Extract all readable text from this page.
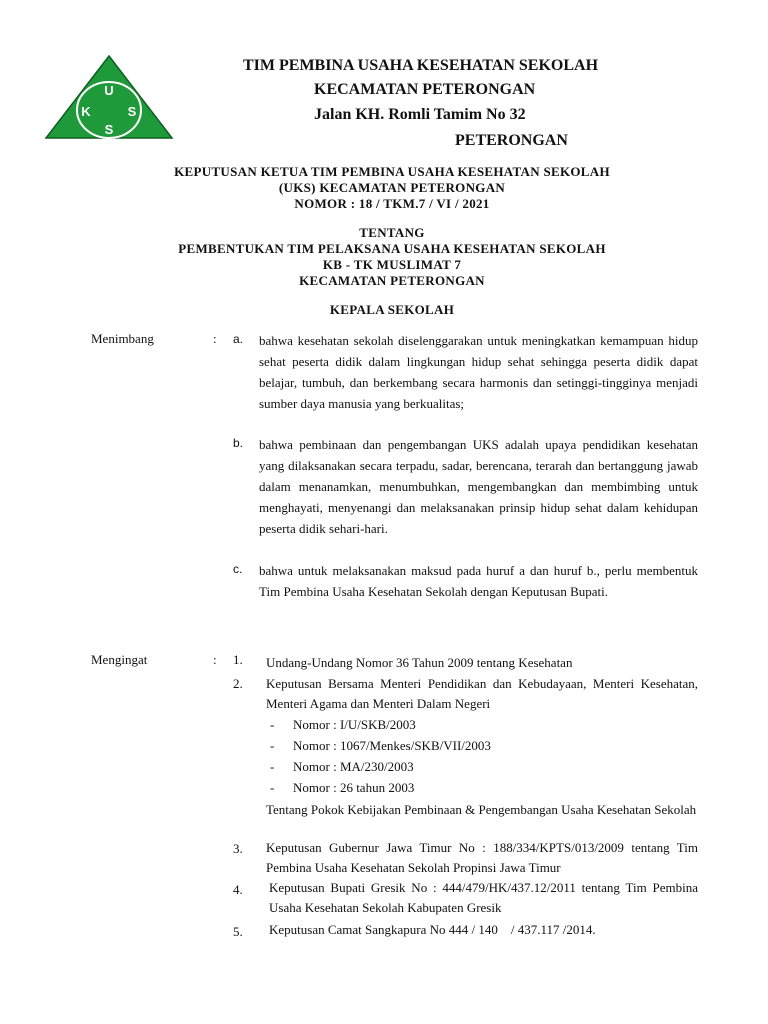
U
K	S
S
TIM PEMBINA USAHA KESEHATAN SEKOLAH
KECAMATAN PETERONGAN
Jalan KH. Romli Tamim No 32
PETERONGAN
KEPUTUSAN KETUA TIM PEMBINA USAHA KESEHATAN SEKOLAH
(UKS) KECAMATAN PETERONGAN
NOMOR : 18 / TKM.7 / VI / 2021
TENTANG
PEMBENTUKAN TIM PELAKSANA USAHA KESEHATAN SEKOLAH
KB - TK MUSLIMAT 7
KECAMATAN PETERONGAN
KEPALA SEKOLAH
Menimbang	: a. bahwa kesehatan sekolah diselenggarakan untuk meningkatkan kemampuan hidup sehat peserta didik dalam lingkungan hidup sehat sehingga peserta didik dapat belajar, tumbuh, dan berkembang secara harmonis dan setinggi-tingginya menjadi sumber daya manusia yang berkualitas;
b. bahwa pembinaan dan pengembangan UKS adalah upaya pendidikan kesehatan yang dilaksanakan secara terpadu, sadar, berencana, terarah dan bertanggung jawab dalam menanamkan, menumbuhkan, mengembangkan dan membimbing untuk menghayati, menyenangi dan melaksanakan prinsip hidup sehat dalam kehidupan peserta didik sehari-hari.
c. bahwa untuk melaksanakan maksud pada huruf a dan huruf b., perlu membentuk Tim Pembina Usaha Kesehatan Sekolah dengan Keputusan Bupati.
Mengingat	: 1. Undang-Undang Nomor 36 Tahun 2009 tentang Kesehatan
2. Keputusan Bersama Menteri Pendidikan dan Kebudayaan, Menteri Kesehatan, Menteri Agama dan Menteri Dalam Negeri
- Nomor : I/U/SKB/2003
- Nomor : 1067/Menkes/SKB/VII/2003
- Nomor : MA/230/2003
- Nomor : 26 tahun 2003
Tentang Pokok Kebijakan Pembinaan & Pengembangan Usaha Kesehatan Sekolah
3. Keputusan Gubernur Jawa Timur No : 188/334/KPTS/013/2009 tentang Tim Pembina Usaha Kesehatan Sekolah Propinsi Jawa Timur
4. Keputusan Bupati Gresik No : 444/479/HK/437.12/2011 tentang Tim Pembina Usaha Kesehatan Sekolah Kabupaten Gresik
5. Keputusan Camat Sangkapura No 444 / 140    / 437.117 /2014.
